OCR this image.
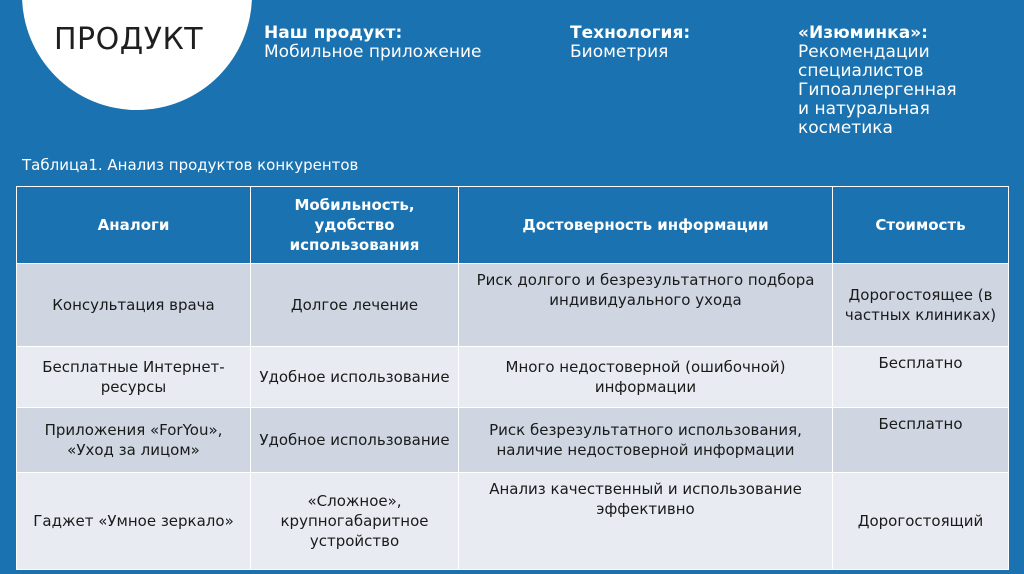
ПРОДУКТ	Наш продукт:
Мобильное приложение
Технология:
Биометрия
«Изюминка»:
Рекомендации
специалистов
Гипоаллергенная
и натуральная
косметика
Таблица1. Анализ продуктов конкурентов
Аналоги	Мобильность, удобство использования	Достоверность информации	Стоимость
Консультация врача	Долгое лечение	Риск долгого и безрезультатного подбора индивидуального ухода	Дорогостоящее (в частных клиниках)
Бесплатные Интернет-ресурсы	Удобное использование	Много недостоверной (ошибочной) информации	Бесплатно
Приложения «ForYou», «Уход за лицом»	Удобное использование	Риск безрезультатного использования, наличие недостоверной информации	Бесплатно
Гаджет «Умное зеркало»	«Сложное», крупногабаритное устройство	Анализ качественный и использование эффективно	Дорогостоящий
